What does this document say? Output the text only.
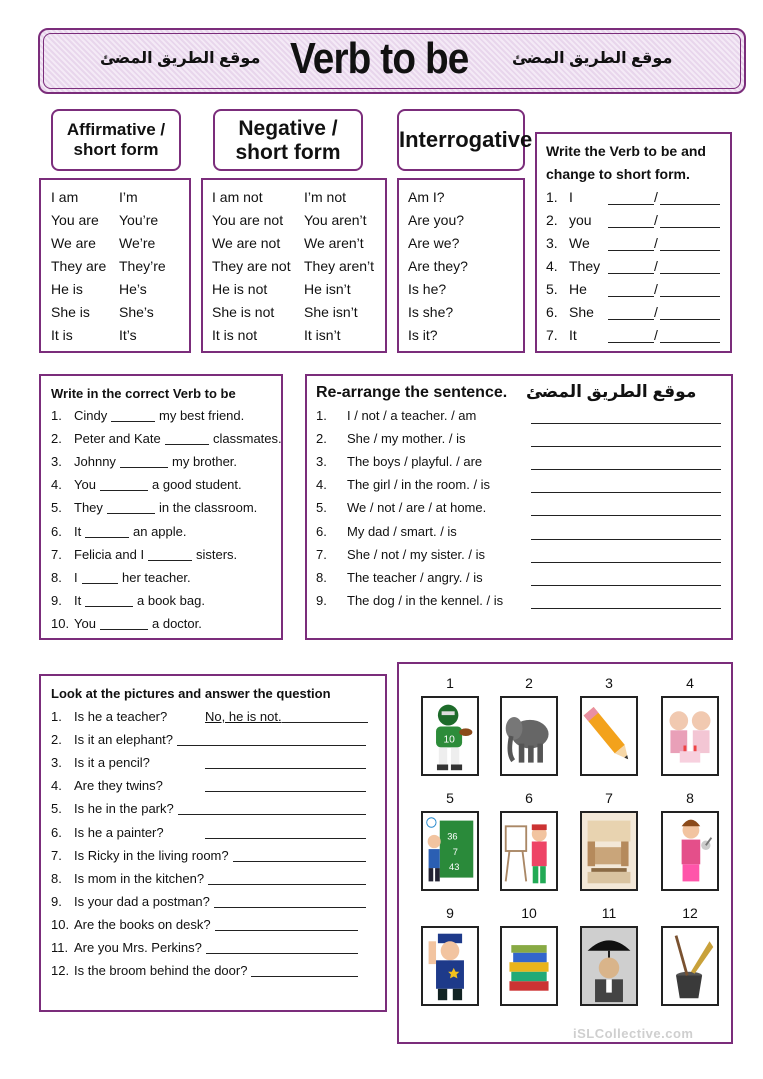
موقع الطريق المضئ Verb to be	موقع الطريق المضئ
Affirmative /
short form
Negative /
short form
Interrogative Write the Verb to be and
change to short form.
Write in the correct Verb to be	Re-arrange the sentence. موقع الطريق المضئ
Look at the pictures and answer the question
iSLCollective.com
I am	I’m
You are You’re
We are We’re
They are They’re
He is	He’s
She is She’s
It is	It’s
I am not	I’m not
You are not You aren’t
We are not We aren’t
They are not They aren’t
He is not	He isn’t
She is not She isn’t
It is not	It isn’t
Am I?
Are you?
Are we?
Are they?
Is he?
Is she?
Is it?
1. I	/
2. you	/
3. We	/
4. They	/
5. He	/
6. She	/
7. It	/
1. Cindy	my best friend.
2. Peter and Kate	classmates.
3. Johnny	my brother.
4. You	a good student.
5. They	in the classroom.
6. It	an apple.
7. Felicia and I	sisters.
8. I	her teacher.
9. It	a book bag.
10. You	a doctor.
1. I / not / a teacher. / am
2. She / my mother. / is
3. The boys / playful. / are
4. The girl / in the room. / is
5. We / not / are / at home.
6. My dad / smart. / is
7. She / not / my sister. / is
8. The teacher / angry. / is
9. The dog / in the kennel. / is
1. Is he a teacher?	No, he is not.
2. Is it an elephant?
3. Is it a pencil?
4. Are they twins?
5. Is he in the park?
6. Is he a painter?
7. Is Ricky in the living room?
8. Is mom in the kitchen?
9. Is your dad a postman?
10. Are the books on desk?
11. Are you Mrs. Perkins?
12. Is the broom behind the door?
1
10
2	3	4
5
36
7
43
6	7	8
9	10	11	12
